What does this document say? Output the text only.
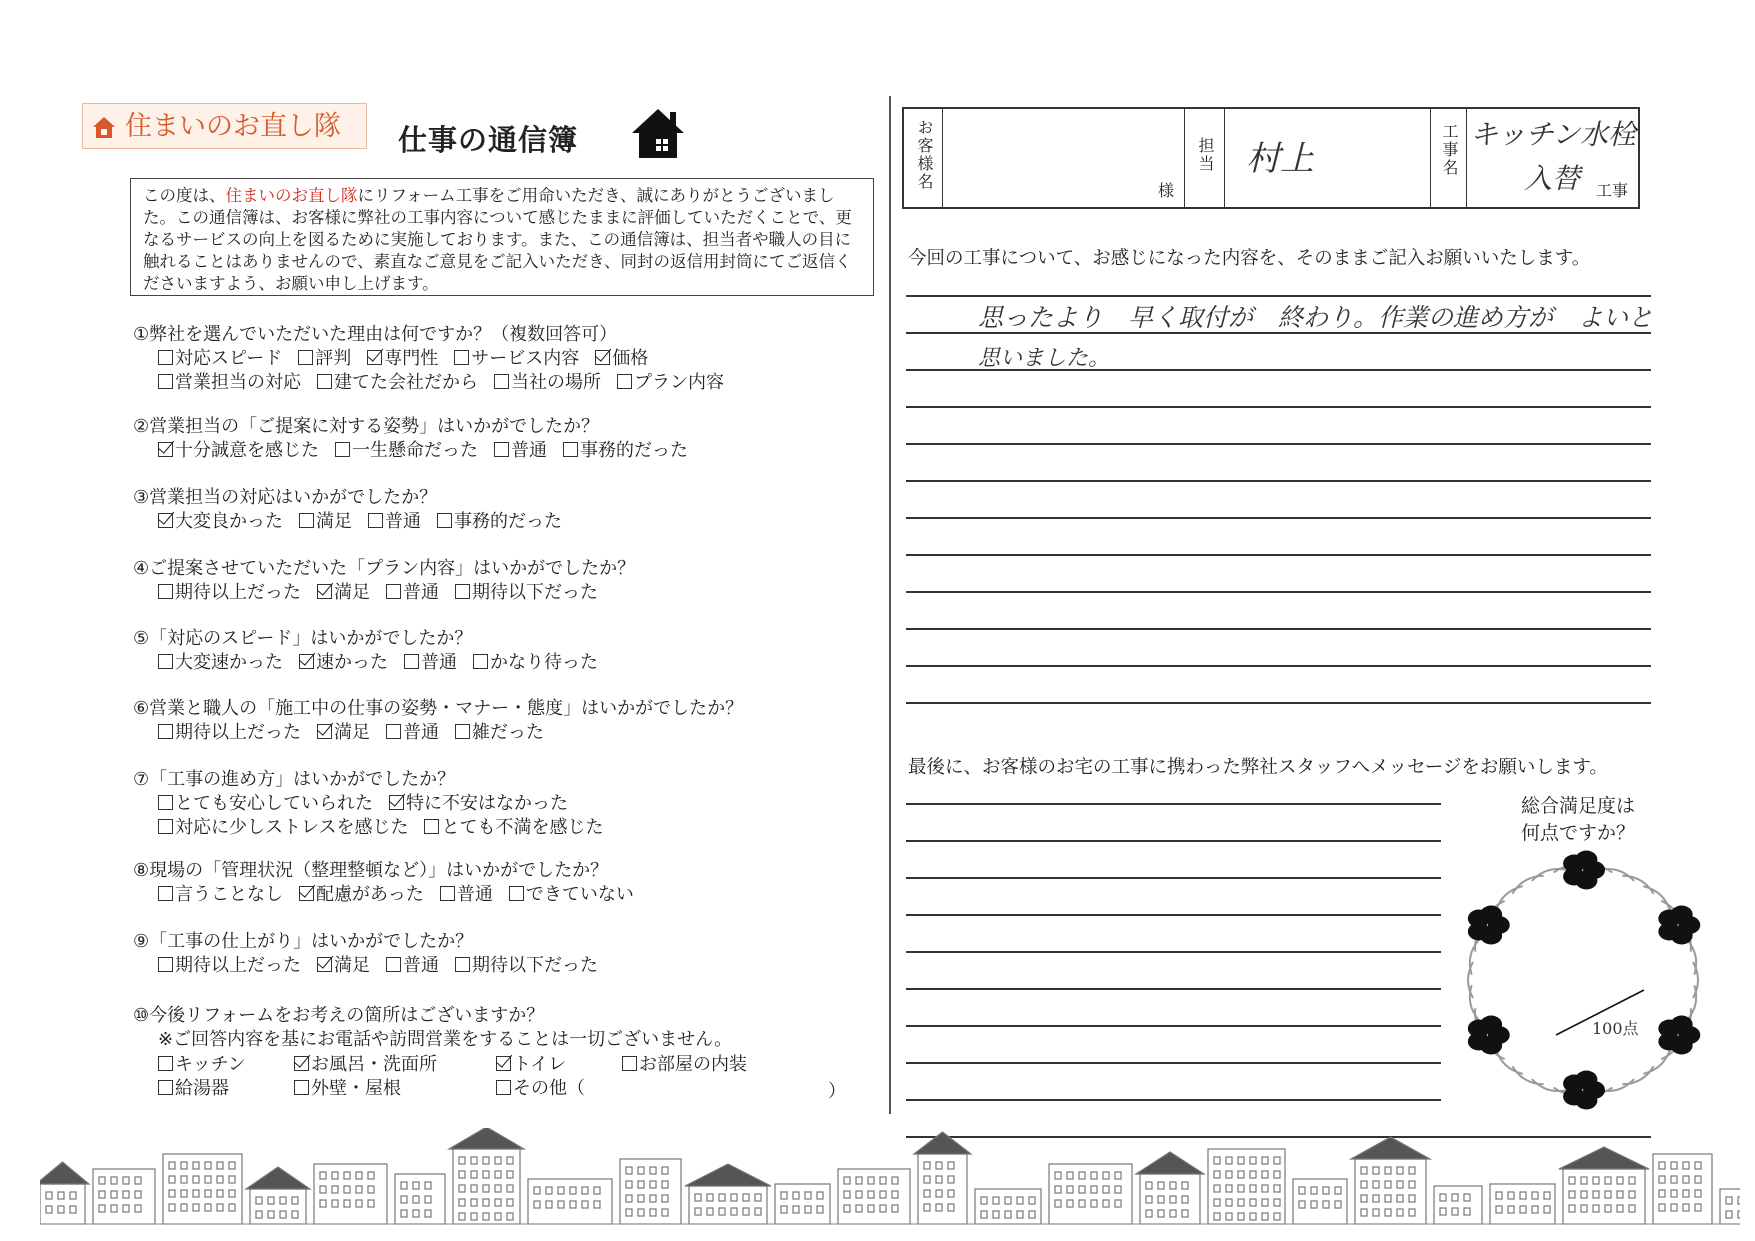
住まいのお直し隊	仕事の通信簿
この度は、住まいのお直し隊にリフォーム工事をご用命いただき、誠にありがとうございました。この通信簿は、お客様に弊社の工事内容について感じたままに評価していただくことで、更なるサービスの向上を図るために実施しております。また、この通信簿は、担当者や職人の目に触れることはありませんので、素直なご意見をご記入いただき、同封の返信用封筒にてご返信くださいますよう、お願い申し上げます。
①弊社を選んでいただいた理由は何ですか？（複数回答可）
対応スピード 評判 専門性 サービス内容 価格
営業担当の対応 建てた会社だから 当社の場所 プラン内容
②営業担当の「ご提案に対する姿勢」はいかがでしたか？
十分誠意を感じた 一生懸命だった 普通 事務的だった
③営業担当の対応はいかがでしたか？
大変良かった 満足 普通 事務的だった
④ご提案させていただいた「プラン内容」はいかがでしたか？
期待以上だった 満足 普通 期待以下だった
⑤「対応のスピード」はいかがでしたか？
大変速かった 速かった 普通 かなり待った
⑥営業と職人の「施工中の仕事の姿勢・マナー・態度」はいかがでしたか？
期待以上だった 満足 普通 雑だった
⑦「工事の進め方」はいかがでしたか？
とても安心していられた 特に不安はなかった
対応に少しストレスを感じた とても不満を感じた
⑧現場の「管理状況（整理整頓など）」はいかがでしたか？
言うことなし 配慮があった 普通 できていない
⑨「工事の仕上がり」はいかがでしたか？
期待以上だった 満足 普通 期待以下だった
⑩今後リフォームをお考えの箇所はございますか？
※ご回答内容を基にお電話や訪問営業をすることは一切ございません。
キッチン	お風呂・洗面所	トイレ	お部屋の内装
給湯器	外壁・屋根	その他（	）
お客様名	様
担当 村上	工事名 キッチン水栓
入替 工事
今回の工事について、お感じになった内容を、そのままご記入お願いいたします。
思ったより　早く取付が　終わり。作業の進め方が　よいと
思いました。
最後に、お客様のお宅の工事に携わった弊社スタッフへメッセージをお願いします。
総合満足度は
何点ですか？
100点
